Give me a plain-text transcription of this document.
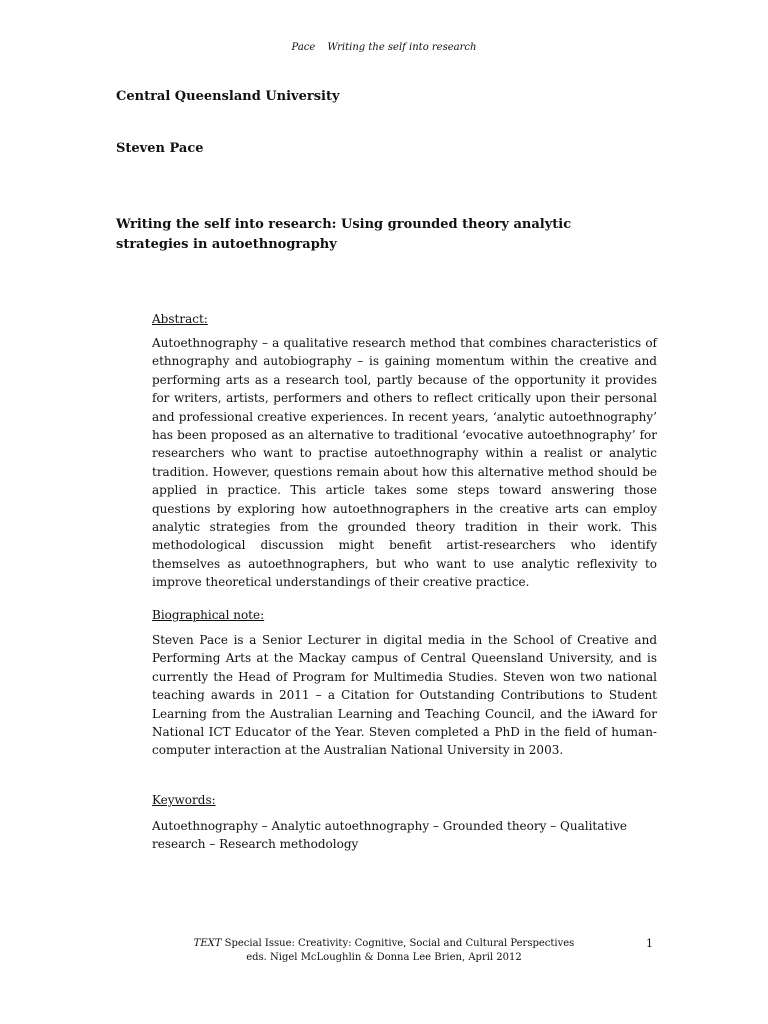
Pace Writing the self into research
Central Queensland University
Steven Pace
Writing the self into research: Using grounded theory analytic strategies in autoethnography
Abstract:
Autoethnography – a qualitative research method that combines characteristics of ethnography and autobiography – is gaining momentum within the creative and performing arts as a research tool, partly because of the opportunity it provides for writers, artists, performers and others to reflect critically upon their personal and professional creative experiences. In recent years, ‘analytic autoethnography’ has been proposed as an alternative to traditional ‘evocative autoethnography’ for researchers who want to practise autoethnography within a realist or analytic tradition. However, questions remain about how this alternative method should be applied in practice. This article takes some steps toward answering those questions by exploring how autoethnographers in the creative arts can employ analytic strategies from the grounded theory tradition in their work. This methodological discussion might benefit artist-researchers who identify themselves as autoethnographers, but who want to use analytic reflexivity to improve theoretical understandings of their creative practice.
Biographical note:
Steven Pace is a Senior Lecturer in digital media in the School of Creative and Performing Arts at the Mackay campus of Central Queensland University, and is currently the Head of Program for Multimedia Studies. Steven won two national teaching awards in 2011 – a Citation for Outstanding Contributions to Student Learning from the Australian Learning and Teaching Council, and the iAward for National ICT Educator of the Year. Steven completed a PhD in the field of human-computer interaction at the Australian National University in 2003.
Keywords:
Autoethnography – Analytic autoethnography – Grounded theory – Qualitative research – Research methodology
TEXT Special Issue: Creativity: Cognitive, Social and Cultural Perspectives
eds. Nigel McLoughlin & Donna Lee Brien, April 2012
1
